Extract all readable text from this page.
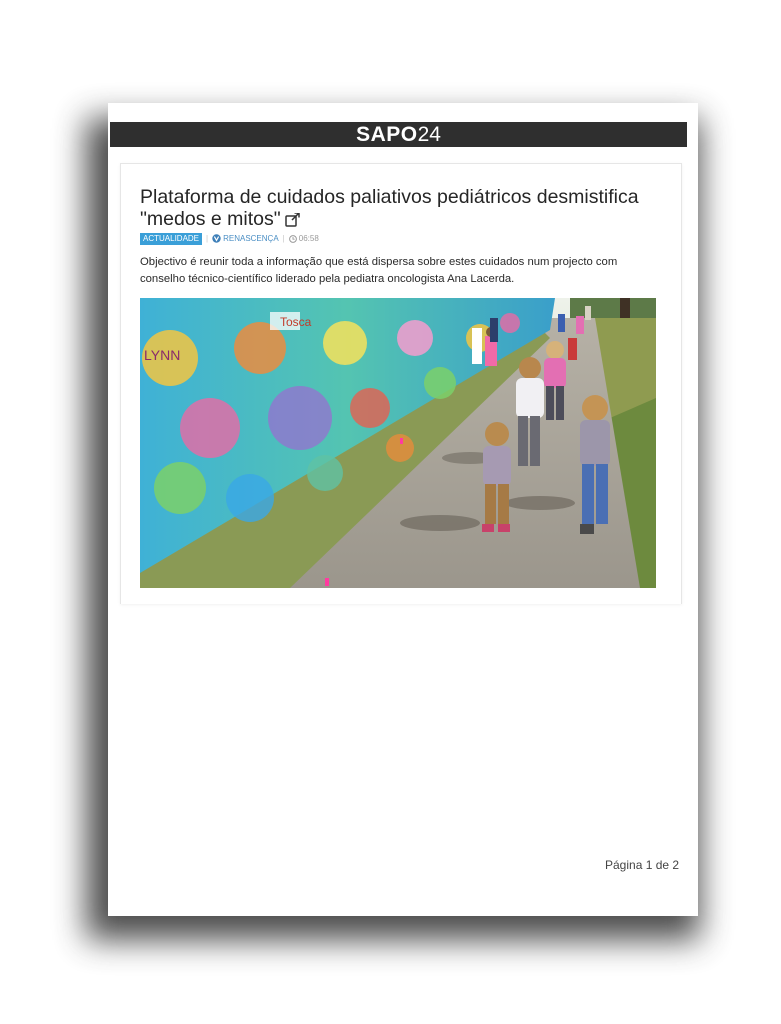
SAPO24
Plataforma de cuidados paliativos pediátricos desmistifica "medos e mitos"
ACTUALIDADE | RENASCENÇA | 06:58

Objectivo é reunir toda a informação que está dispersa sobre estes cuidados num projecto com conselho técnico-científico liderado pela pediatra oncologista Ana Lacerda.

LYNN
Tosca
Página 1 de 2
